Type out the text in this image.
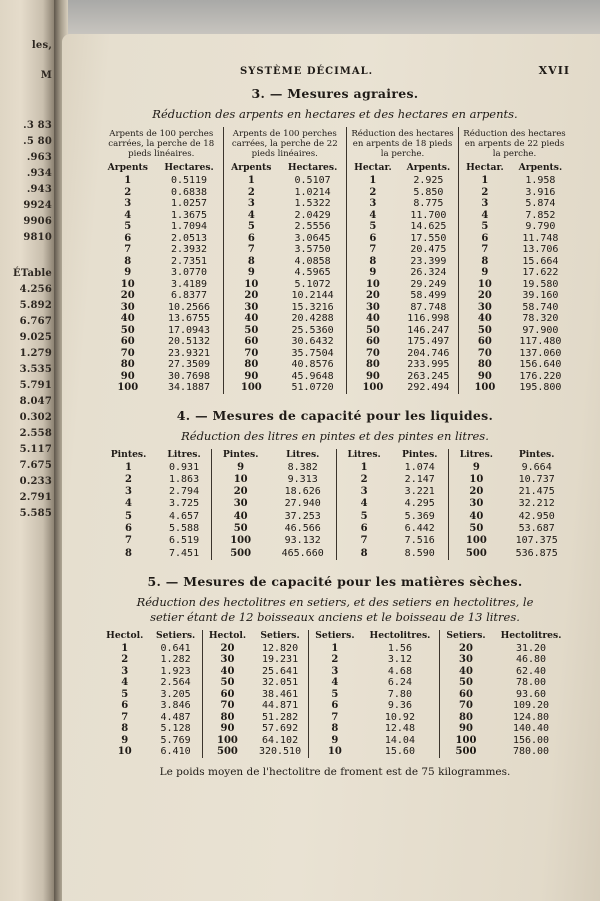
les,
M
.3 83
.5 80
.963
.934
.943
9924
9906
9810
ÉTable
4.256
5.892
6.767
9.025
1.279
3.535
5.791
8.047
0.302
2.558
5.117
7.675
0.233
2.791
5.585
SYSTÈME DÉCIMAL.	XVII
3. — Mesures agraires.
Réduction des arpents en hectares et des hectares en arpents.
Arpents de 100 perches carrées, la perche de 18 pieds linéaires.		Arpents de 100 perches carrées, la perche de 22 pieds linéaires.		Réduction des hectares en arpents de 18 pieds la perche.		Réduction des hectares en arpents de 22 pieds la perche.	
Arpents	Hectares.	Arpents	Hectares.	Hectar.	Arpents.	Hectar.	Arpents.
1	0.5119	1	0.5107	1	2.925	1	1.958
2	0.6838	2	1.0214	2	5.850	2	3.916
3	1.0257	3	1.5322	3	8.775	3	5.874
4	1.3675	4	2.0429	4	11.700	4	7.852
5	1.7094	5	2.5556	5	14.625	5	9.790
6	2.0513	6	3.0645	6	17.550	6	11.748
7	2.3932	7	3.5750	7	20.475	7	13.706
8	2.7351	8	4.0858	8	23.399	8	15.664
9	3.0770	9	4.5965	9	26.324	9	17.622
10	3.4189	10	5.1072	10	29.249	10	19.580
20	6.8377	20	10.2144	20	58.499	20	39.160
30	10.2566	30	15.3216	30	87.748	30	58.740
40	13.6755	40	20.4288	40	116.998	40	78.320
50	17.0943	50	25.5360	50	146.247	50	97.900
60	20.5132	60	30.6432	60	175.497	60	117.480
70	23.9321	70	35.7504	70	204.746	70	137.060
80	27.3509	80	40.8576	80	233.995	80	156.640
90	30.7698	90	45.9648	90	263.245	90	176.220
100	34.1887	100	51.0720	100	292.494	100	195.800
4. — Mesures de capacité pour les liquides.
Réduction des litres en pintes et des pintes en litres.
Pintes.	Litres.	Pintes.	Litres.	Litres.	Pintes.	Litres.	Pintes.
1	0.931	9	8.382	1	1.074	9	9.664
2	1.863	10	9.313	2	2.147	10	10.737
3	2.794	20	18.626	3	3.221	20	21.475
4	3.725	30	27.940	4	4.295	30	32.212
5	4.657	40	37.253	5	5.369	40	42.950
6	5.588	50	46.566	6	6.442	50	53.687
7	6.519	100	93.132	7	7.516	100	107.375
8	7.451	500	465.660	8	8.590	500	536.875
5. — Mesures de capacité pour les matières sèches.
Réduction des hectolitres en setiers, et des setiers en hectolitres, le
setier étant de 12 boisseaux anciens et le boisseau de 13 litres.
Hectol.	Setiers.	Hectol.	Setiers.	Setiers.	Hectolitres.	Setiers.	Hectolitres.
1	0.641	20	12.820	1	1.56	20	31.20
2	1.282	30	19.231	2	3.12	30	46.80
3	1.923	40	25.641	3	4.68	40	62.40
4	2.564	50	32.051	4	6.24	50	78.00
5	3.205	60	38.461	5	7.80	60	93.60
6	3.846	70	44.871	6	9.36	70	109.20
7	4.487	80	51.282	7	10.92	80	124.80
8	5.128	90	57.692	8	12.48	90	140.40
9	5.769	100	64.102	9	14.04	100	156.00
10	6.410	500	320.510	10	15.60	500	780.00
Le poids moyen de l'hectolitre de froment est de 75 kilogrammes.
